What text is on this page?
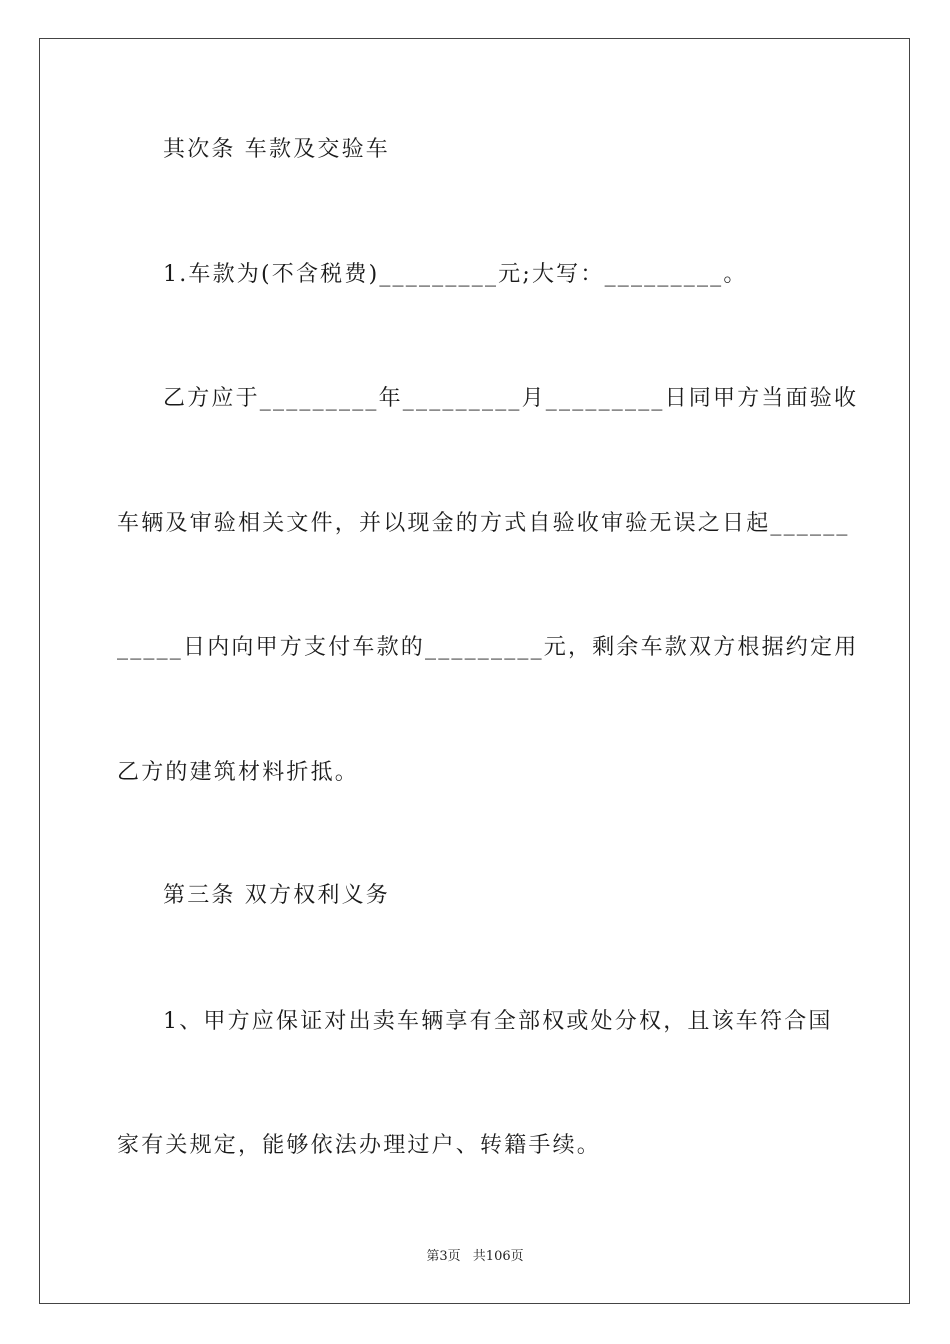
其次条 车款及交验车
1.车款为(不含税费)_________元;大写：_________。
乙方应于_________年_________月_________日同甲方当面验收
车辆及审验相关文件，并以现金的方式自验收审验无误之日起______
_____日内向甲方支付车款的_________元，剩余车款双方根据约定用
乙方的建筑材料折抵。
第三条 双方权利义务
1、甲方应保证对出卖车辆享有全部权或处分权，且该车符合国
家有关规定，能够依法办理过户、转籍手续。
第3页 共106页
